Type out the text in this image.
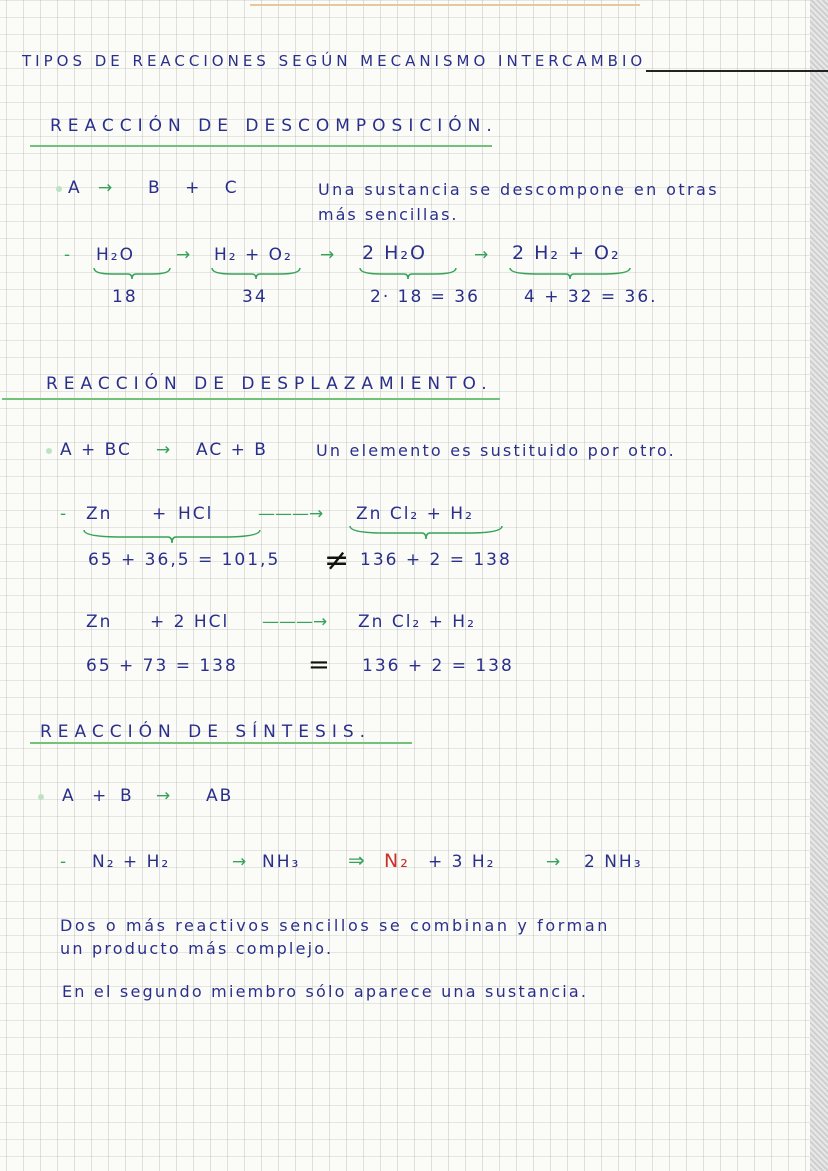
TIPOS DE REACCIONES SEGÚN MECANISMO INTERCAMBIO
REACCIÓN DE DESCOMPOSICIÓN.
A → B + C	Una sustancia se descompone en otras
más sencillas.
- H₂O → H₂ + O₂ → 2 H₂O	→ 2 H₂ + O₂
18	34	2· 18 = 36	4 + 32 = 36.
REACCIÓN DE DESPLAZAMIENTO.
A + BC → AC + B	Un elemento es sustituido por otro.
- Zn + HCl	———→ Zn Cl₂ + H₂
65 + 36,5 = 101,5 ≠ 136 + 2 = 138
Zn + 2 HCl ———→ Zn Cl₂ + H₂
65 + 73 = 138	= 136 + 2 = 138
REACCIÓN DE SÍNTESIS.
A + B → AB
- N₂ + H₂	→ NH₃ ⇒ N₂ + 3 H₂	→ 2 NH₃
Dos o más reactivos sencillos se combinan y forman
un producto más complejo.
En el segundo miembro sólo aparece una sustancia.
